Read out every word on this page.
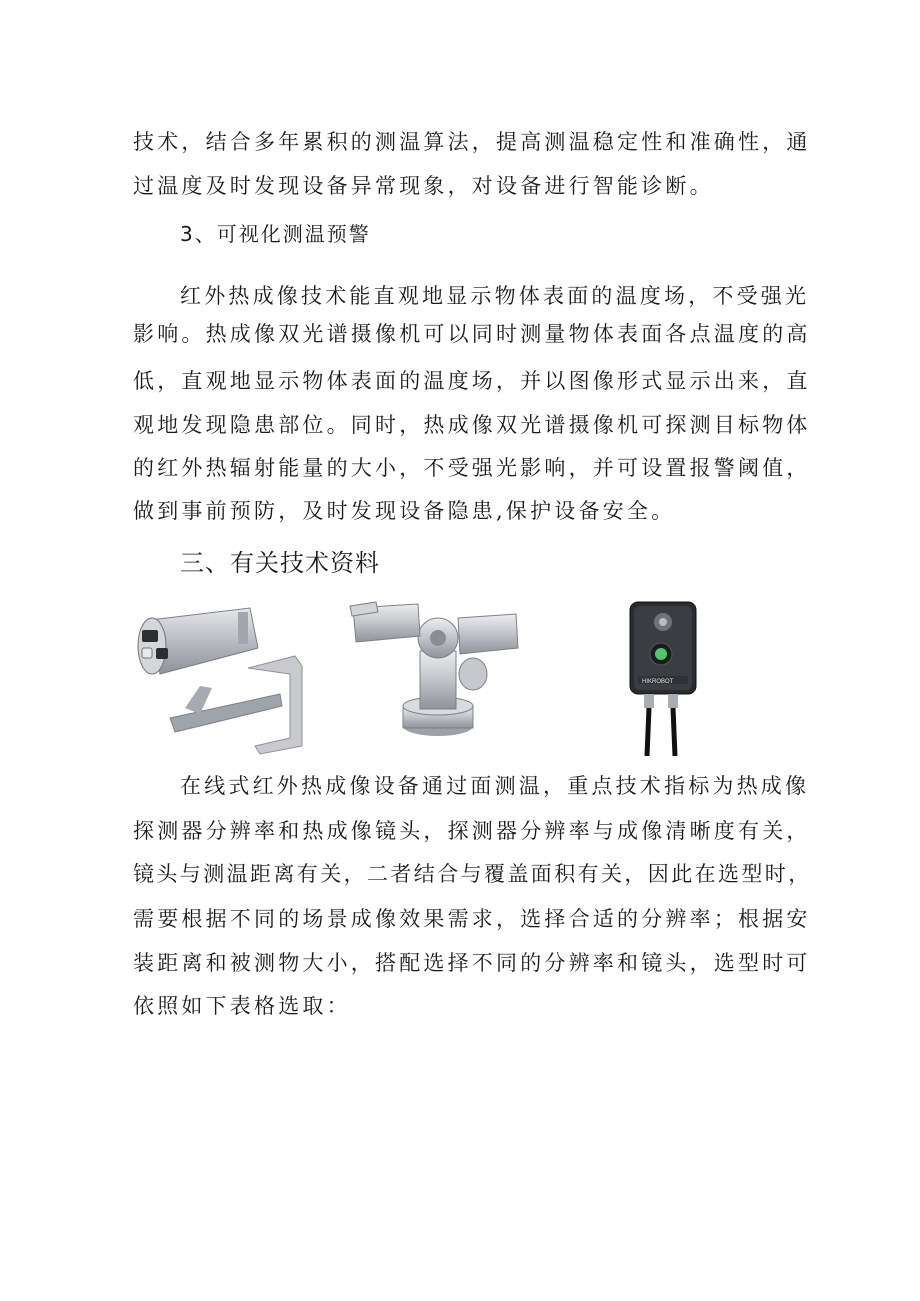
技术，结合多年累积的测温算法，提高测温稳定性和准确性，通
过温度及时发现设备异常现象，对设备进行智能诊断。
3、可视化测温预警
红外热成像技术能直观地显示物体表面的温度场，不受强光
影响。热成像双光谱摄像机可以同时测量物体表面各点温度的高
低，直观地显示物体表面的温度场，并以图像形式显示出来，直
观地发现隐患部位。同时，热成像双光谱摄像机可探测目标物体
的红外热辐射能量的大小，不受强光影响，并可设置报警阈值，
做到事前预防，及时发现设备隐患,保护设备安全。
三、有关技术资料
HIKROBOT
在线式红外热成像设备通过面测温，重点技术指标为热成像
探测器分辨率和热成像镜头，探测器分辨率与成像清晰度有关，
镜头与测温距离有关，二者结合与覆盖面积有关，因此在选型时，
需要根据不同的场景成像效果需求，选择合适的分辨率；根据安
装距离和被测物大小，搭配选择不同的分辨率和镜头，选型时可
依照如下表格选取：
